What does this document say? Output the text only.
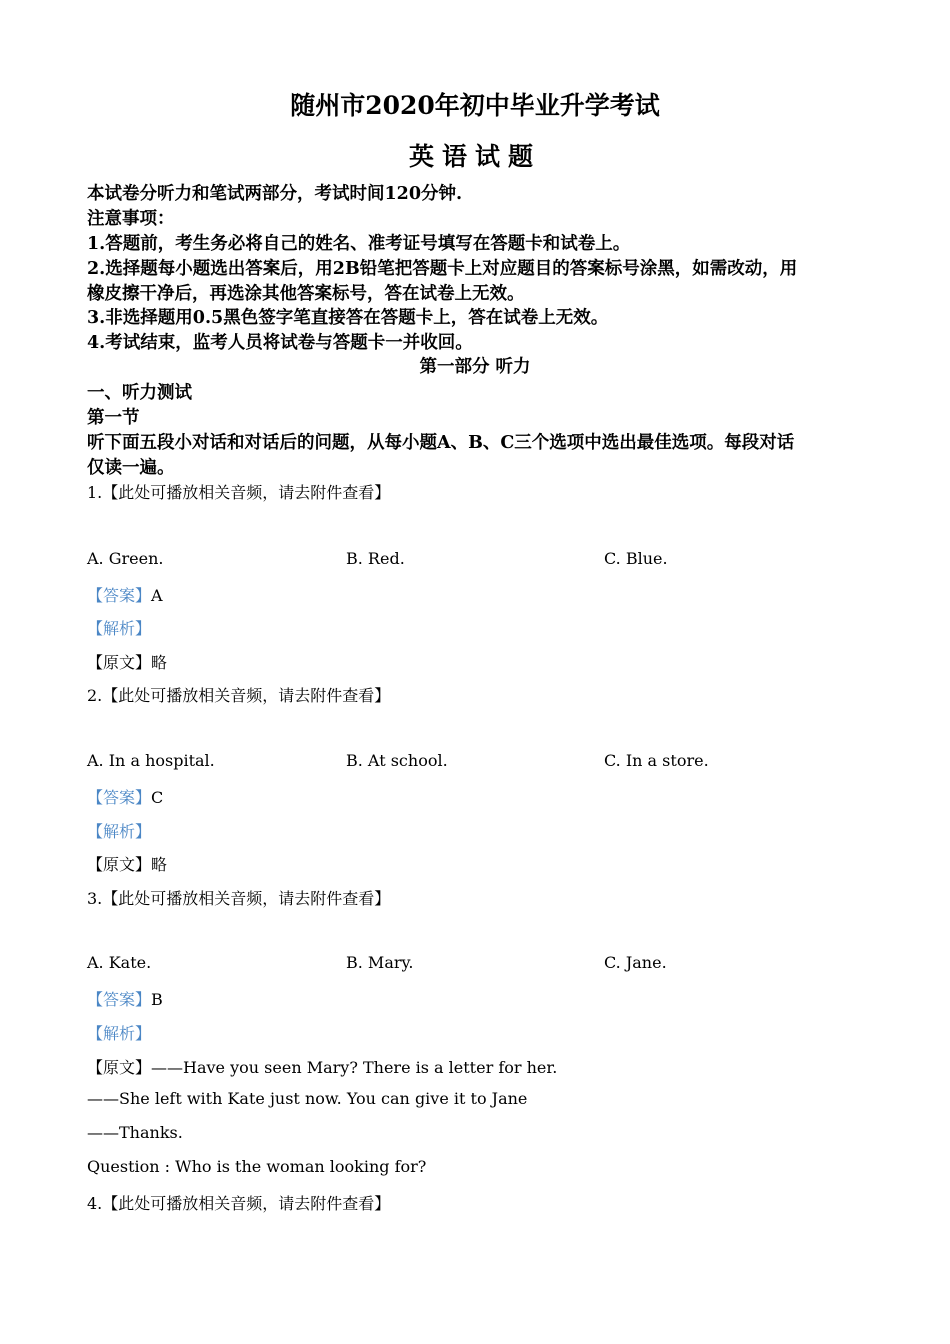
随州市2020年初中毕业升学考试
英语试题
本试卷分听力和笔试两部分，考试时间120分钟.
注意事项：
1.答题前，考生务必将自己的姓名、准考证号填写在答题卡和试卷上。
2.选择题每小题选出答案后，用2B铅笔把答题卡上对应题目的答案标号涂黑，如需改动，用
橡皮擦干净后，再选涂其他答案标号，答在试卷上无效。
3.非选择题用0.5黑色签字笔直接答在答题卡上，答在试卷上无效。
4.考试结束，监考人员将试卷与答题卡一并收回。
第一部分 听力
一、听力测试
第一节
听下面五段小对话和对话后的问题，从每小题A、B、C三个选项中选出最佳选项。每段对话
仅读一遍。
1.【此处可播放相关音频，请去附件查看】
A. Green.	B. Red.	C. Blue.
【答案】A
【解析】
【原文】略
2.【此处可播放相关音频，请去附件查看】
A. In a hospital.	B. At school.	C. In a store.
【答案】C
【解析】
【原文】略
3.【此处可播放相关音频，请去附件查看】
A. Kate.	B. Mary.	C. Jane.
【答案】B
【解析】
【原文】——Have you seen Mary? There is a letter for her.
——She left with Kate just now. You can give it to Jane
——Thanks.
Question : Who is the woman looking for?
4.【此处可播放相关音频，请去附件查看】
